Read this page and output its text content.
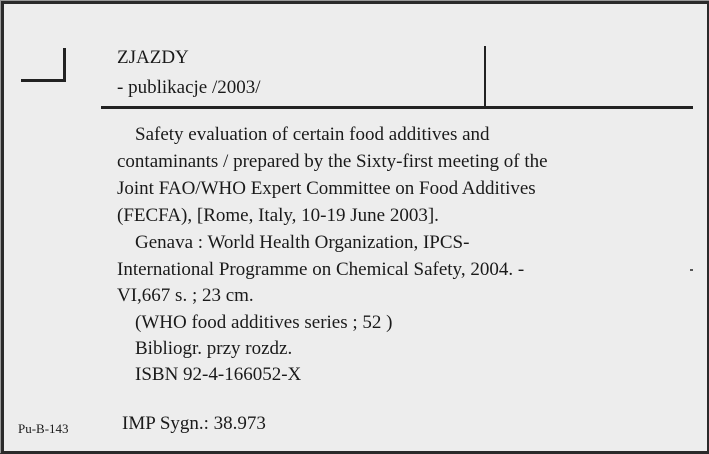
ZJAZDY
- publikacje /2003/
Safety evaluation of certain food additives and
contaminants / prepared by the Sixty-first meeting of the
Joint FAO/WHO Expert Committee on Food Additives
(FECFA), [Rome, Italy, 10-19 June 2003].
Genava : World Health Organization, IPCS-
International Programme on Chemical Safety, 2004. -
VI,667 s. ; 23 cm.
(WHO food additives series ; 52 )
Bibliogr. przy rozdz.
ISBN 92-4-166052-X
Pu-B-143	IMP Sygn.: 38.973
